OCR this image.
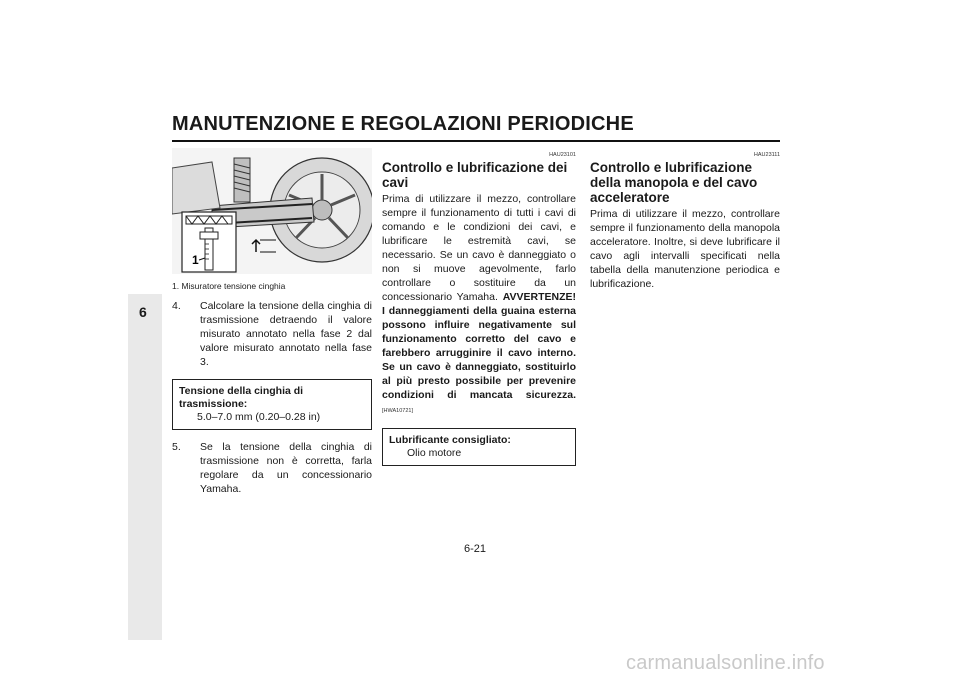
MANUTENZIONE E REGOLAZIONI PERIODICHE
6
1
1. Misuratore tensione cinghia
4. Calcolare la tensione della cinghia di trasmissione detraendo il valore misurato annotato nella fase 2 dal valore misurato annotato nella fase 3.
Tensione della cinghia di trasmissione:
5.0–7.0 mm (0.20–0.28 in)
5. Se la tensione della cinghia di trasmissione non è corretta, farla regolare da un concessionario Yamaha.
HAU23101
Controllo e lubrificazione dei cavi
Prima di utilizzare il mezzo, controllare sempre il funzionamento di tutti i cavi di comando e le condizioni dei cavi, e lubrificare le estremità cavi, se necessario. Se un cavo è danneggiato o non si muove agevolmente, farlo controllare o sostituire da un concessionario Yamaha. AVVERTENZE! I danneggiamenti della guaina esterna possono influire negativamente sul funzionamento corretto del cavo e farebbero arrugginire il cavo interno. Se un cavo è danneggiato, sostituirlo al più presto possibile per prevenire condizioni di mancata sicurezza. [HWA10721]
Lubrificante consigliato:
Olio motore
HAU23111
Controllo e lubrificazione della manopola e del cavo acceleratore
Prima di utilizzare il mezzo, controllare sempre il funzionamento della manopola acceleratore. Inoltre, si deve lubrificare il cavo agli intervalli specificati nella tabella della manutenzione periodica e lubrificazione.
6-21
carmanualsonline.info
